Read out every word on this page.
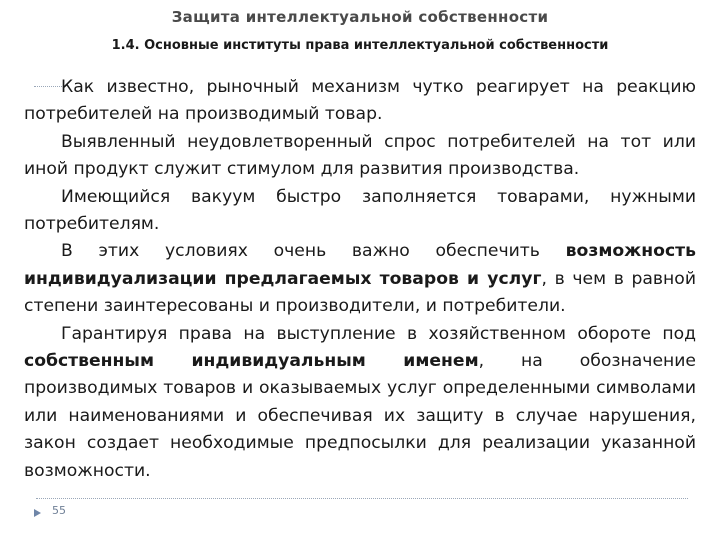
Защита интеллектуальной собственности
1.4. Основные институты права интеллектуальной собственности

Как известно, рыночный механизм чутко реагирует на реакцию потребителей на производимый товар.

Выявленный неудовлетворенный спрос потребителей на тот или иной продукт служит стимулом для развития производства.

Имеющийся вакуум быстро заполняется товарами, нужными потребителям.

В этих условиях очень важно обеспечить возможность индивидуализации предлагаемых товаров и услуг, в чем в равной степени заинтересованы и производители, и потребители.

Гарантируя права на выступление в хозяйственном обороте под собственным индивидуальным именем, на обозначение производимых товаров и оказываемых услуг определенными символами или наименованиями и обеспечивая их защиту в случае нарушения, закон создает необходимые предпосылки для реализации указанной возможности.

55
